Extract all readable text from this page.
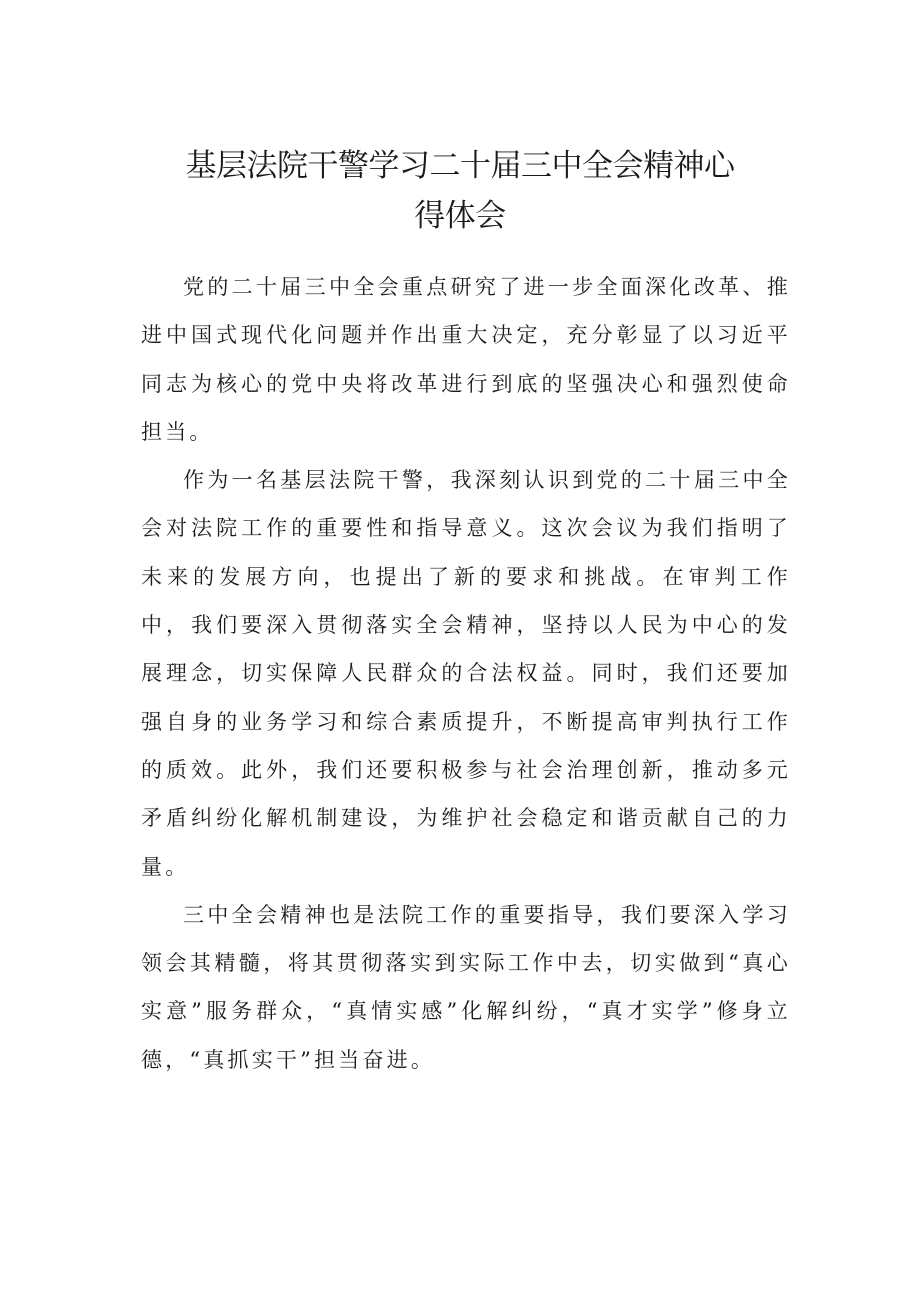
基层法院干警学习二十届三中全会精神心
得体会

党的二十届三中全会重点研究了进一步全面深化改革、推进中国式现代化问题并作出重大决定，充分彰显了以习近平同志为核心的党中央将改革进行到底的坚强决心和强烈使命担当。

作为一名基层法院干警，我深刻认识到党的二十届三中全会对法院工作的重要性和指导意义。这次会议为我们指明了未来的发展方向，也提出了新的要求和挑战。在审判工作中，我们要深入贯彻落实全会精神，坚持以人民为中心的发展理念，切实保障人民群众的合法权益。同时，我们还要加强自身的业务学习和综合素质提升，不断提高审判执行工作的质效。此外，我们还要积极参与社会治理创新，推动多元矛盾纠纷化解机制建设，为维护社会稳定和谐贡献自己的力量。

三中全会精神也是法院工作的重要指导，我们要深入学习领会其精髓，将其贯彻落实到实际工作中去，切实做到“真心实意”服务群众，“真情实感”化解纠纷，“真才实学”修身立德，“真抓实干”担当奋进。
